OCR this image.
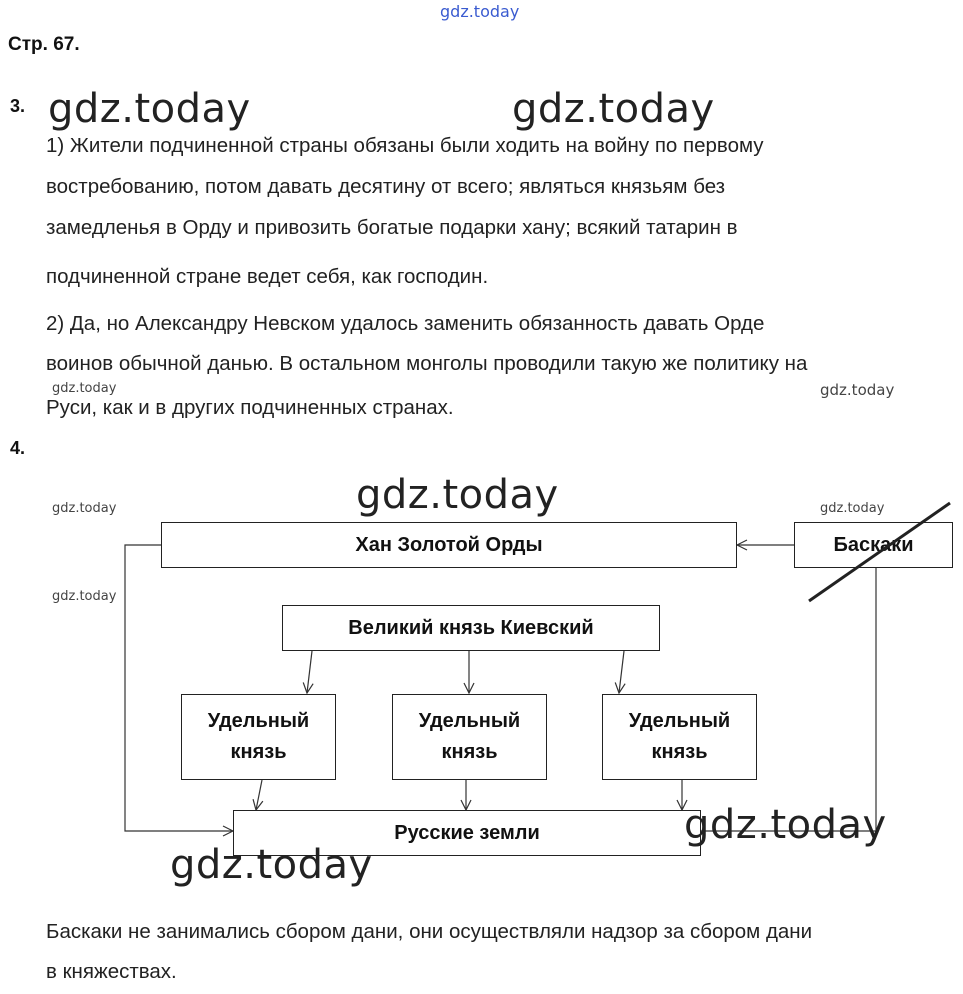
gdz.today
gdz.today	gdz.today
gdz.today	gdz.today
gdz.today
gdz.today	gdz.today
gdz.today
Стр. 67.
3.
1) Жители подчиненной страны обязаны были ходить на войну по первому
востребованию, потом давать десятину от всего; являться князьям без
замедленья в Орду и привозить богатые подарки хану; всякий татарин в
подчиненной стране ведет себя, как господин.
2) Да, но Александру Невском удалось заменить обязанность давать Орде
воинов обычной данью. В остальном монголы проводили такую же политику на
Руси, как и в других подчиненных странах.
4.
Хан Золотой Орды	Баскаки
Великий князь Киевский
Удельный
князь
Удельный
князь
Удельный
князь
Русские земли	gdz.today
gdz.today
Баскаки не занимались сбором дани, они осуществляли надзор за сбором дани
в княжествах.
